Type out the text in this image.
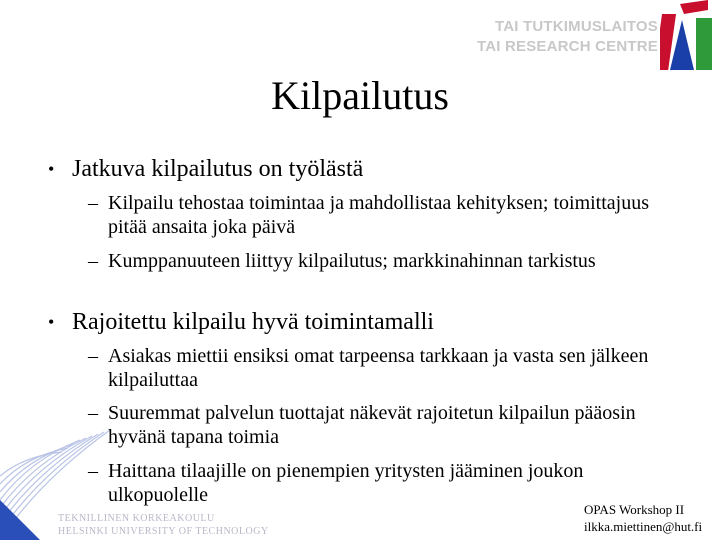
TAI TUTKIMUSLAITOS
TAI RESEARCH CENTRE
Kilpailutus
• Jatkuva kilpailutus on työlästä
– Kilpailu tehostaa toimintaa ja mahdollistaa kehityksen; toimittajuus pitää ansaita joka päivä
– Kumppanuuteen liittyy kilpailutus; markkinahinnan tarkistus
• Rajoitettu kilpailu hyvä toimintamalli
– Asiakas miettii ensiksi omat tarpeensa tarkkaan ja vasta sen jälkeen kilpailuttaa
– Suuremmat palvelun tuottajat näkevät rajoitetun kilpailun pääosin hyvänä tapana toimia
– Haittana tilaajille on pienempien yritysten jääminen joukon ulkopuolelle
TEKNILLINEN KORKEAKOULU
HELSINKI UNIVERSITY OF TECHNOLOGY
OPAS Workshop II
ilkka.miettinen@hut.fi
